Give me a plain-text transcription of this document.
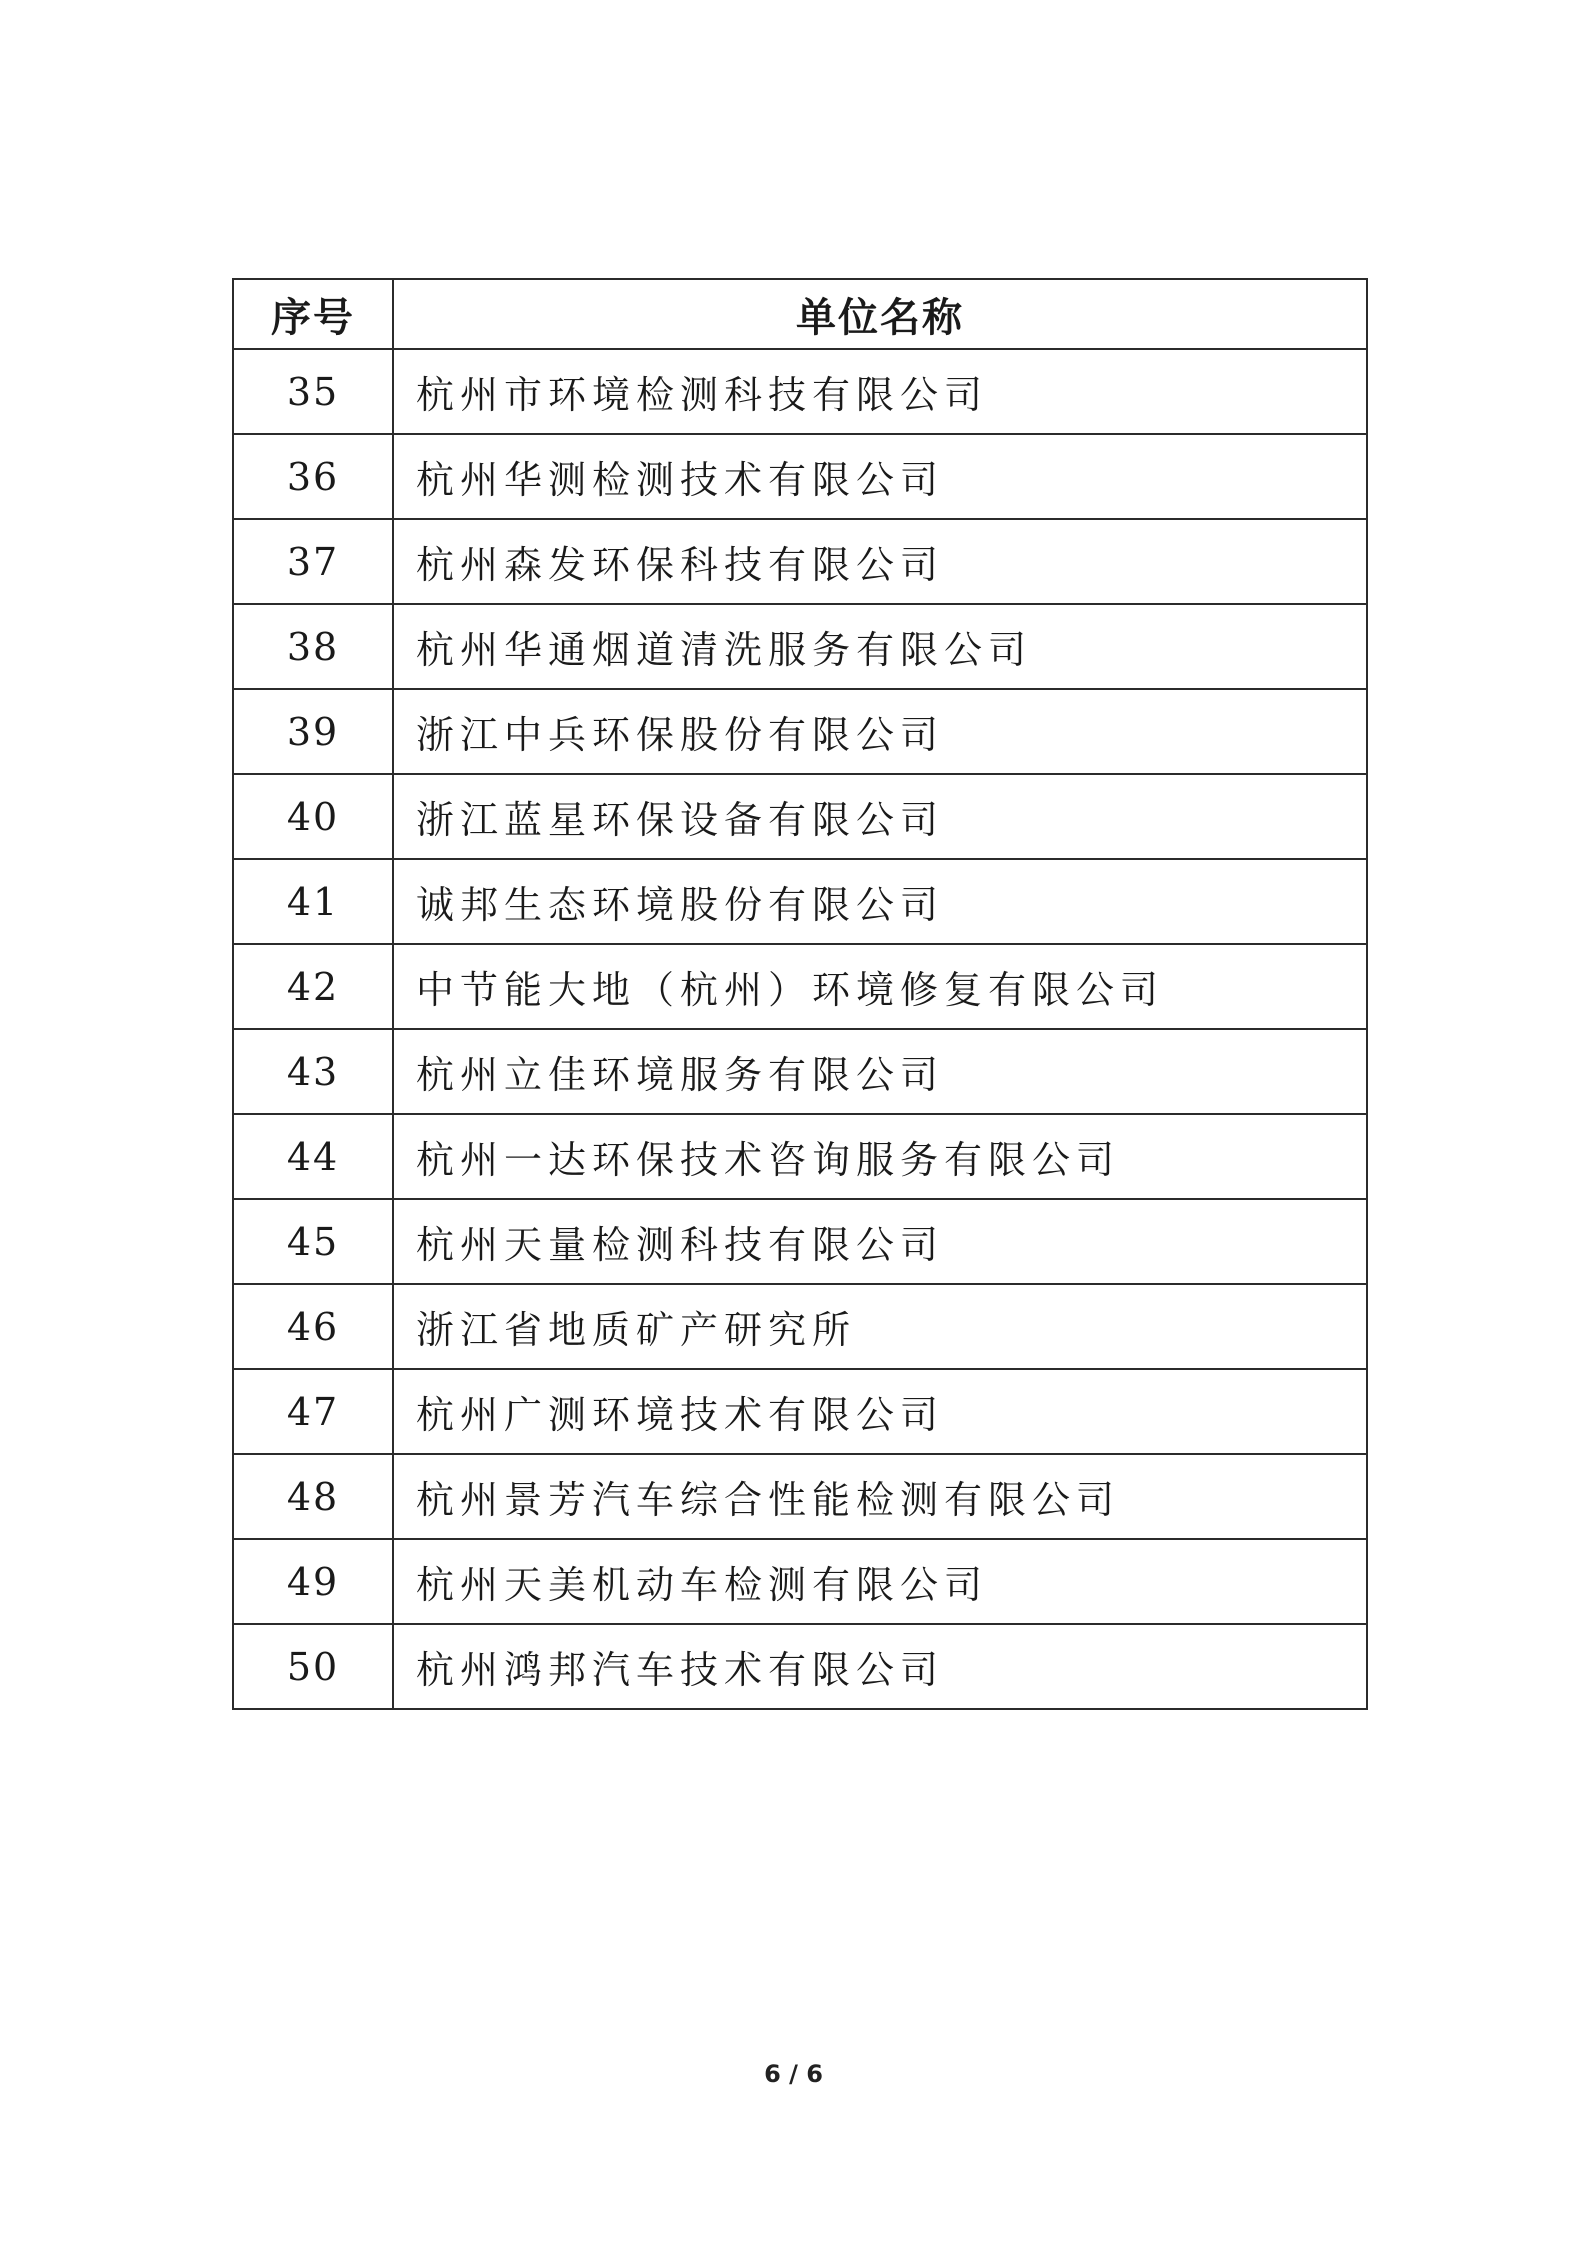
序号	单位名称
35	杭州市环境检测科技有限公司
36	杭州华测检测技术有限公司
37	杭州森发环保科技有限公司
38	杭州华通烟道清洗服务有限公司
39	浙江中兵环保股份有限公司
40	浙江蓝星环保设备有限公司
41	诚邦生态环境股份有限公司
42	中节能大地（杭州）环境修复有限公司
43	杭州立佳环境服务有限公司
44	杭州一达环保技术咨询服务有限公司
45	杭州天量检测科技有限公司
46	浙江省地质矿产研究所
47	杭州广测环境技术有限公司
48	杭州景芳汽车综合性能检测有限公司
49	杭州天美机动车检测有限公司
50	杭州鸿邦汽车技术有限公司
6 / 6
